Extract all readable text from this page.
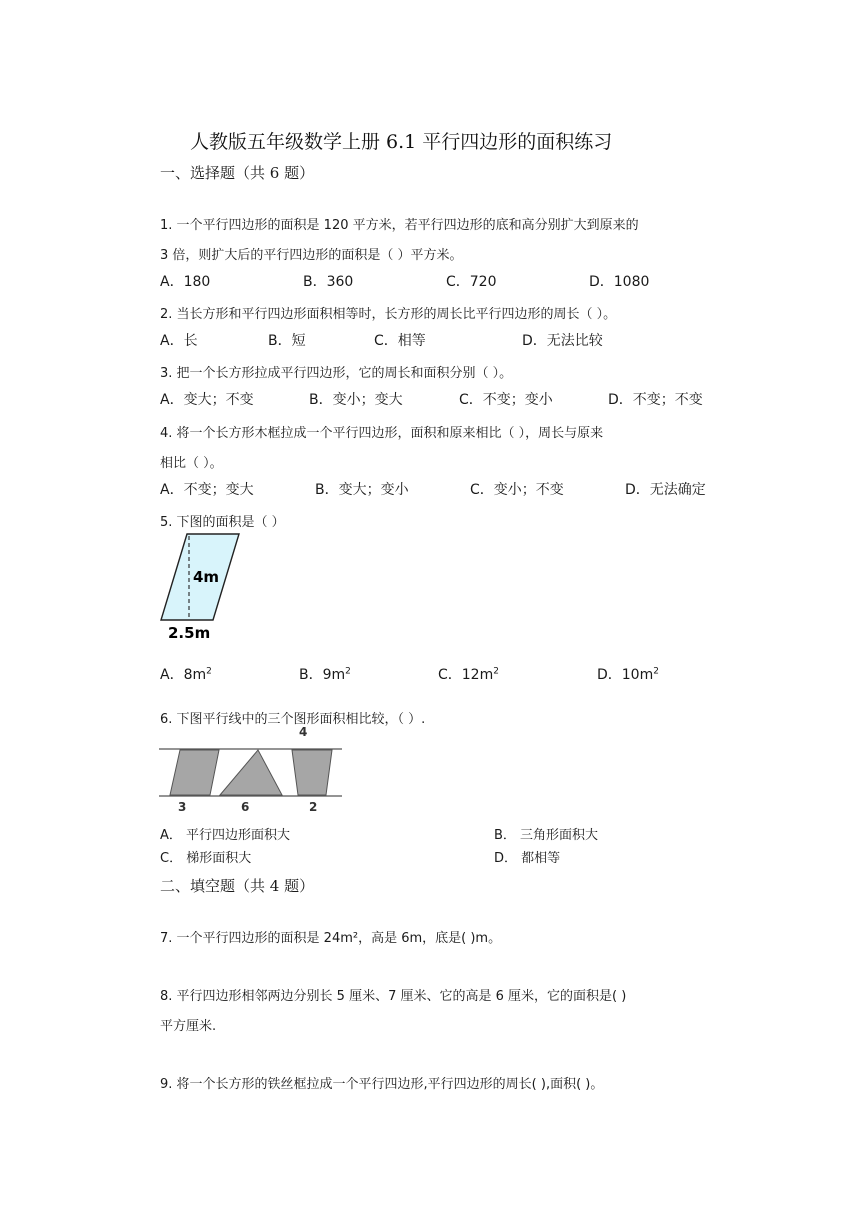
人教版五年级数学上册 6.1 平行四边形的面积练习
一、选择题（共 6 题）
1. 一个平行四边形的面积是 120 平方米，若平行四边形的底和高分别扩大到原来的
3 倍，则扩大后的平行四边形的面积是（ ）平方米。
A．180	B．360	C．720	D．1080
2. 当长方形和平行四边形面积相等时，长方形的周长比平行四边形的周长（ ）。
A．长	B．短	C．相等	D．无法比较
3. 把一个长方形拉成平行四边形，它的周长和面积分别（ ）。
A．变大；不变	B．变小；变大	C．不变；变小	D．不变；不变
4. 将一个长方形木框拉成一个平行四边形，面积和原来相比（ ），周长与原来
相比（ ）。
A．不变；变大	B．变大；变小	C．变小；不变	D．无法确定
5. 下图的面积是（ ）
4m
2.5m
A．$8m^2$	B．$9m^2$	C．$12m^2$	D．$10m^2$
6. 下图平行线中的三个图形面积相比较，（ ）.
4
3	6	2
A． 平行四边形面积大	B． 三角形面积大
C． 梯形面积大	D． 都相等
二、填空题（共 4 题）
7. 一个平行四边形的面积是 24m²，高是 6m，底是( )m。
8. 平行四边形相邻两边分别长 5 厘米、7 厘米、它的高是 6 厘米，它的面积是( )
平方厘米.
9. 将一个长方形的铁丝框拉成一个平行四边形,平行四边形的周长( ),面积( )。
